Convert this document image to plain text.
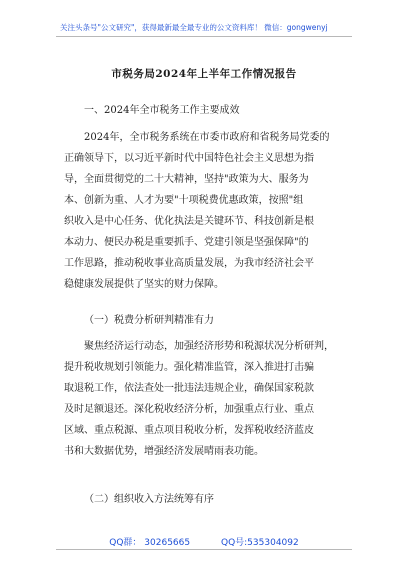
关注头条号"公文研究"，获得最新最全最专业的公文资料库！ 微信：gongwenyj
市税务局2024年上半年工作情况报告
一、2024年全市税务工作主要成效
2024年，全市税务系统在市委市政府和省税务局党委的
正确领导下，以习近平新时代中国特色社会主义思想为指
导，全面贯彻党的二十大精神，坚持"政策为大、服务为
本、创新为重、人才为要"十项税费优惠政策，按照"组
织收入是中心任务、优化执法是关键环节、科技创新是根
本动力、便民办税是重要抓手、党建引领是坚强保障"的
工作思路，推动税收事业高质量发展，为我市经济社会平
稳健康发展提供了坚实的财力保障。
（一）税费分析研判精准有力
聚焦经济运行动态，加强经济形势和税源状况分析研判，
提升税收规划引领能力。强化精准监管，深入推进打击骗
取退税工作，依法查处一批违法违规企业，确保国家税款
及时足额退还。深化税收经济分析，加强重点行业、重点
区域、重点税源、重点项目税收分析，发挥税收经济蓝皮
书和大数据优势，增强经济发展晴雨表功能。
（二）组织收入方法统筹有序
QQ群： 30265665	QQ号:535304092
